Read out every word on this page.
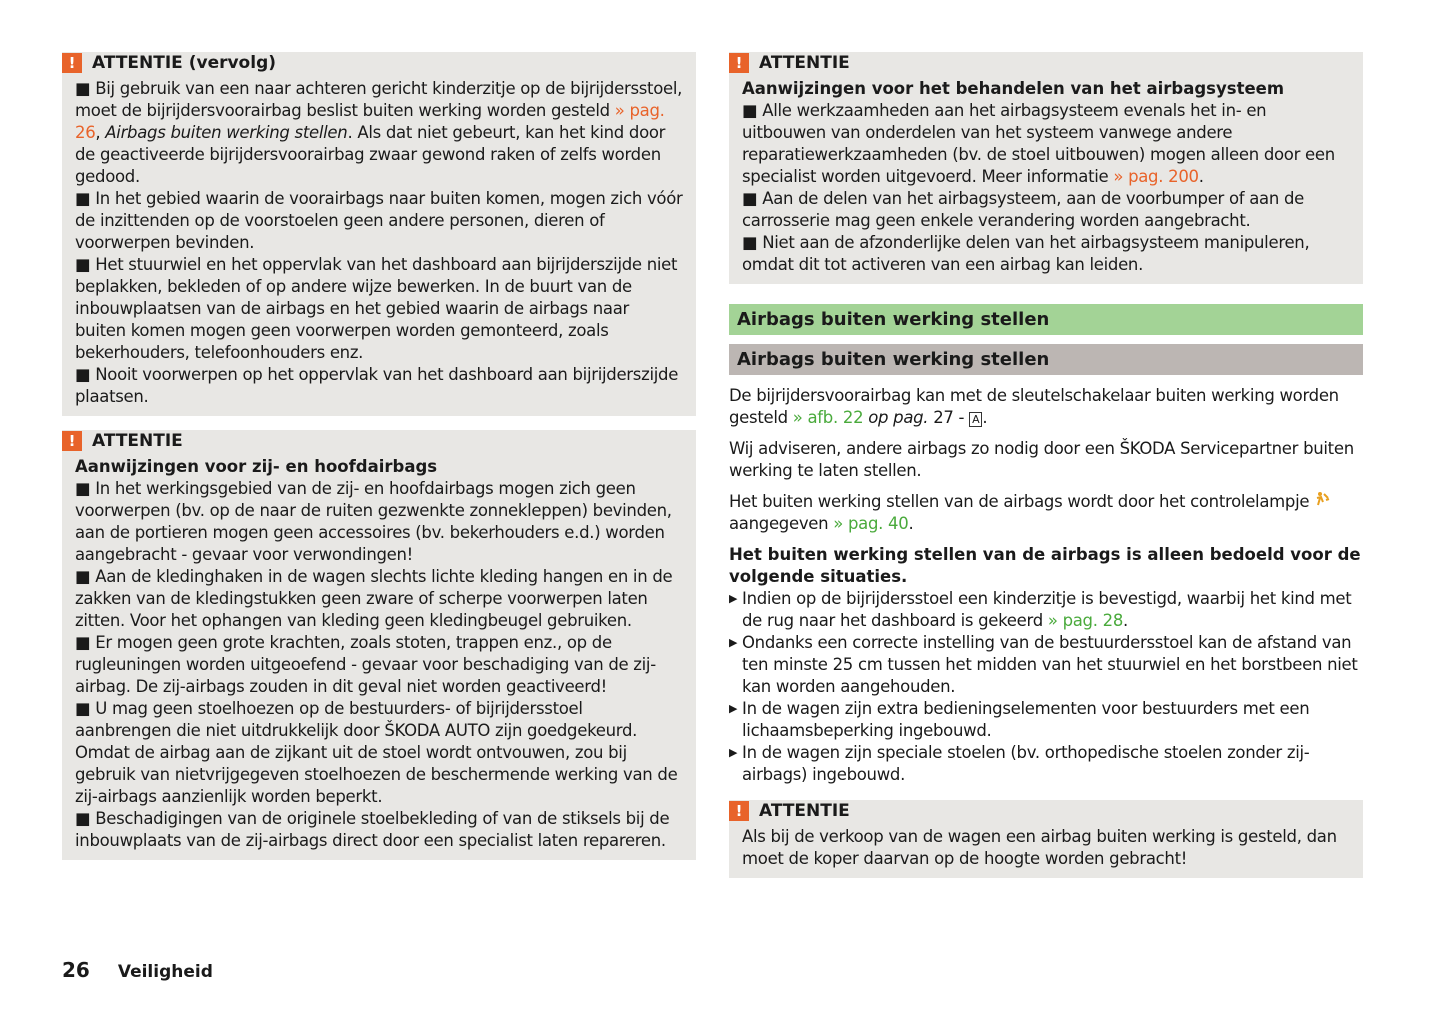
! ATTENTIE (vervolg)

■ Bij gebruik van een naar achteren gericht kinderzitje op de bijrijdersstoel, moet de bijrijdersvoorairbag beslist buiten werking worden gesteld » pag. 26, Airbags buiten werking stellen. Als dat niet gebeurt, kan het kind door de geactiveerde bijrijdersvoorairbag zwaar gewond raken of zelfs worden gedood.

■ In het gebied waarin de voorairbags naar buiten komen, mogen zich vóór de inzittenden op de voorstoelen geen andere personen, dieren of voorwerpen bevinden.

■ Het stuurwiel en het oppervlak van het dashboard aan bijrijderszijde niet beplakken, bekleden of op andere wijze bewerken. In de buurt van de inbouwplaatsen van de airbags en het gebied waarin de airbags naar buiten komen mogen geen voorwerpen worden gemonteerd, zoals bekerhouders, telefoonhouders enz.

■ Nooit voorwerpen op het oppervlak van het dashboard aan bijrijderszijde plaatsen.

! ATTENTIE
Aanwijzingen voor zij- en hoofdairbags

■ In het werkingsgebied van de zij- en hoofdairbags mogen zich geen voorwerpen (bv. op de naar de ruiten gezwenkte zonnekleppen) bevinden, aan de portieren mogen geen accessoires (bv. bekerhouders e.d.) worden aangebracht - gevaar voor verwondingen!

■ Aan de kledinghaken in de wagen slechts lichte kleding hangen en in de zakken van de kledingstukken geen zware of scherpe voorwerpen laten zitten. Voor het ophangen van kleding geen kledingbeugel gebruiken.

■ Er mogen geen grote krachten, zoals stoten, trappen enz., op de rugleuningen worden uitgeoefend - gevaar voor beschadiging van de zij-airbag. De zij-airbags zouden in dit geval niet worden geactiveerd!

■ U mag geen stoelhoezen op de bestuurders- of bijrijdersstoel aanbrengen die niet uitdrukkelijk door ŠKODA AUTO zijn goedgekeurd. Omdat de airbag aan de zijkant uit de stoel wordt ontvouwen, zou bij gebruik van nietvrijgegeven stoelhoezen de beschermende werking van de zij-airbags aanzienlijk worden beperkt.

■ Beschadigingen van de originele stoelbekleding of van de stiksels bij de inbouwplaats van de zij-airbags direct door een specialist laten repareren.

! ATTENTIE
Aanwijzingen voor het behandelen van het airbagsysteem

■ Alle werkzaamheden aan het airbagsysteem evenals het in- en uitbouwen van onderdelen van het systeem vanwege andere reparatiewerkzaamheden (bv. de stoel uitbouwen) mogen alleen door een specialist worden uitgevoerd. Meer informatie » pag. 200.

■ Aan de delen van het airbagsysteem, aan de voorbumper of aan de carrosserie mag geen enkele verandering worden aangebracht.

■ Niet aan de afzonderlijke delen van het airbagsysteem manipuleren, omdat dit tot activeren van een airbag kan leiden.

Airbags buiten werking stellen
Airbags buiten werking stellen

De bijrijdersvoorairbag kan met de sleutelschakelaar buiten werking worden gesteld » afb. 22 op pag. 27 - A .

Wij adviseren, andere airbags zo nodig door een ŠKODA Servicepartner buiten werking te laten stellen.

Het buiten werking stellen van de airbags wordt door het controlelampje  aangegeven » pag. 40.

Het buiten werking stellen van de airbags is alleen bedoeld voor de volgende situaties.
▶ Indien op de bijrijdersstoel een kinderzitje is bevestigd, waarbij het kind met de rug naar het dashboard is gekeerd » pag. 28.

▶ Ondanks een correcte instelling van de bestuurdersstoel kan de afstand van ten minste 25 cm tussen het midden van het stuurwiel en het borstbeen niet kan worden aangehouden.

▶ In de wagen zijn extra bedieningselementen voor bestuurders met een lichaamsbeperking ingebouwd.

▶ In de wagen zijn speciale stoelen (bv. orthopedische stoelen zonder zij-airbags) ingebouwd.

! ATTENTIE

Als bij de verkoop van de wagen een airbag buiten werking is gesteld, dan moet de koper daarvan op de hoogte worden gebracht!

26 Veiligheid
